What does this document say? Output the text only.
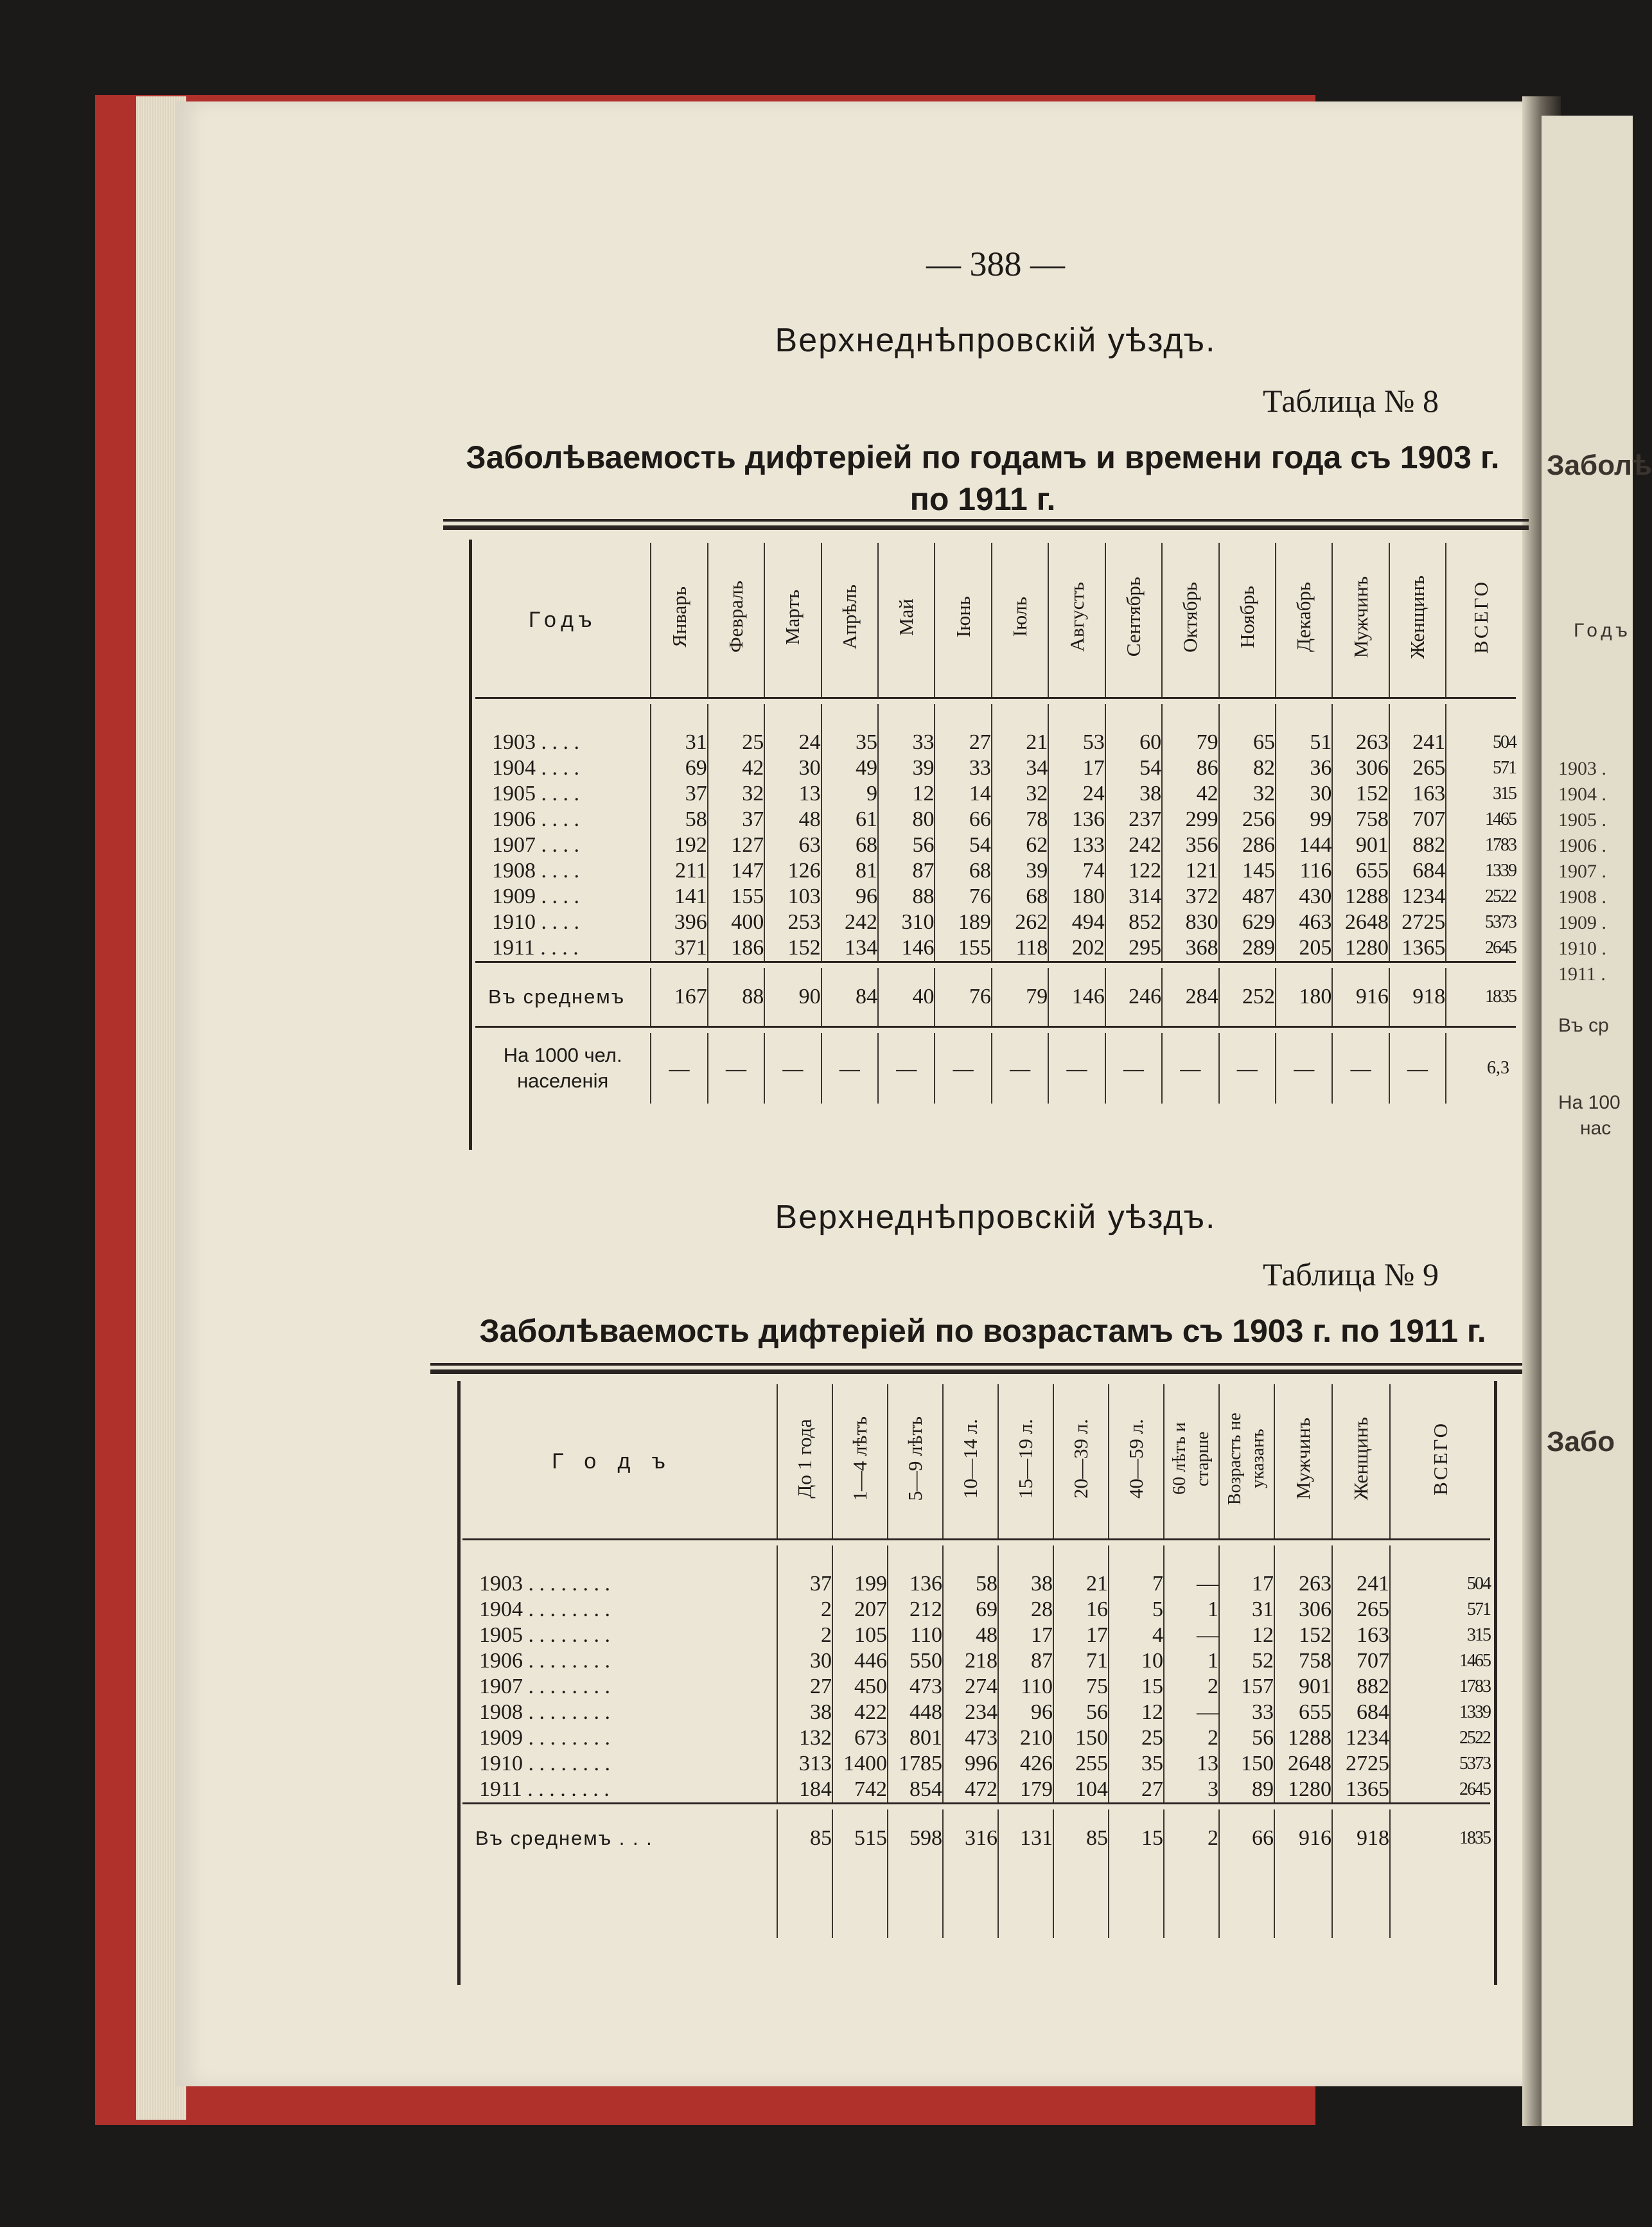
Заболѣ
Годъ
1903 .
1904 .
1905 .
1906 .
1907 .
1908 .
1909 .
1910 .
1911 .
Въ ср
На 100
нас
Забо
— 388 —
Верхнеднѣпровскій уѣздъ.
Таблица № 8
Заболѣваемость дифтеріей по годамъ и времени года съ 1903 г.
по 1911 г.
Годъ	Январь	Февраль	Мартъ	Апрѣль	Май	Іюнь	Іюль	Августъ	Сентябрь	Октябрь	Ноябрь	Декабрь	Мужчинъ	Женщинъ	ВСЕГО

1903 . . . .	31	25	24	35	33	27	21	53	60	79	65	51	263	241	504
1904 . . . .	69	42	30	49	39	33	34	17	54	86	82	36	306	265	571
1905 . . . .	37	32	13	9	12	14	32	24	38	42	32	30	152	163	315
1906 . . . .	58	37	48	61	80	66	78	136	237	299	256	99	758	707	1465
1907 . . . .	192	127	63	68	56	54	62	133	242	356	286	144	901	882	1783
1908 . . . .	211	147	126	81	87	68	39	74	122	121	145	116	655	684	1339
1909 . . . .	141	155	103	96	88	76	68	180	314	372	487	430	1288	1234	2522
1910 . . . .	396	400	253	242	310	189	262	494	852	830	629	463	2648	2725	5373
1911 . . . .	371	186	152	134	146	155	118	202	295	368	289	205	1280	1365	2645

Въ среднемъ	167	88	90	84	40	76	79	146	246	284	252	180	916	918	1835

На 1000 чел.
населенія	—	—	—	—	—	—	—	—	—	—	—	—	—	—	6,3
Верхнеднѣпровскій уѣздъ.
Таблица № 9
Заболѣваемость дифтеріей по возрастамъ съ 1903 г. по 1911 г.
Годъ	До 1 года	1—4 лѣтъ	5—9 лѣтъ	10—14 л.	15—19 л.	20—39 л.	40—59 л.	60 лѣтъ и старше	Возрастъ не указанъ	Мужчинъ	Женщинъ	ВСЕГО

1903 . . . . . . . .	37	199	136	58	38	21	7	—	17	263	241	504
1904 . . . . . . . .	2	207	212	69	28	16	5	1	31	306	265	571
1905 . . . . . . . .	2	105	110	48	17	17	4	—	12	152	163	315
1906 . . . . . . . .	30	446	550	218	87	71	10	1	52	758	707	1465
1907 . . . . . . . .	27	450	473	274	110	75	15	2	157	901	882	1783
1908 . . . . . . . .	38	422	448	234	96	56	12	—	33	655	684	1339
1909 . . . . . . . .	132	673	801	473	210	150	25	2	56	1288	1234	2522
1910 . . . . . . . .	313	1400	1785	996	426	255	35	13	150	2648	2725	5373
1911 . . . . . . . .	184	742	854	472	179	104	27	3	89	1280	1365	2645

Въ среднемъ . . .	85	515	598	316	131	85	15	2	66	916	918	1835
